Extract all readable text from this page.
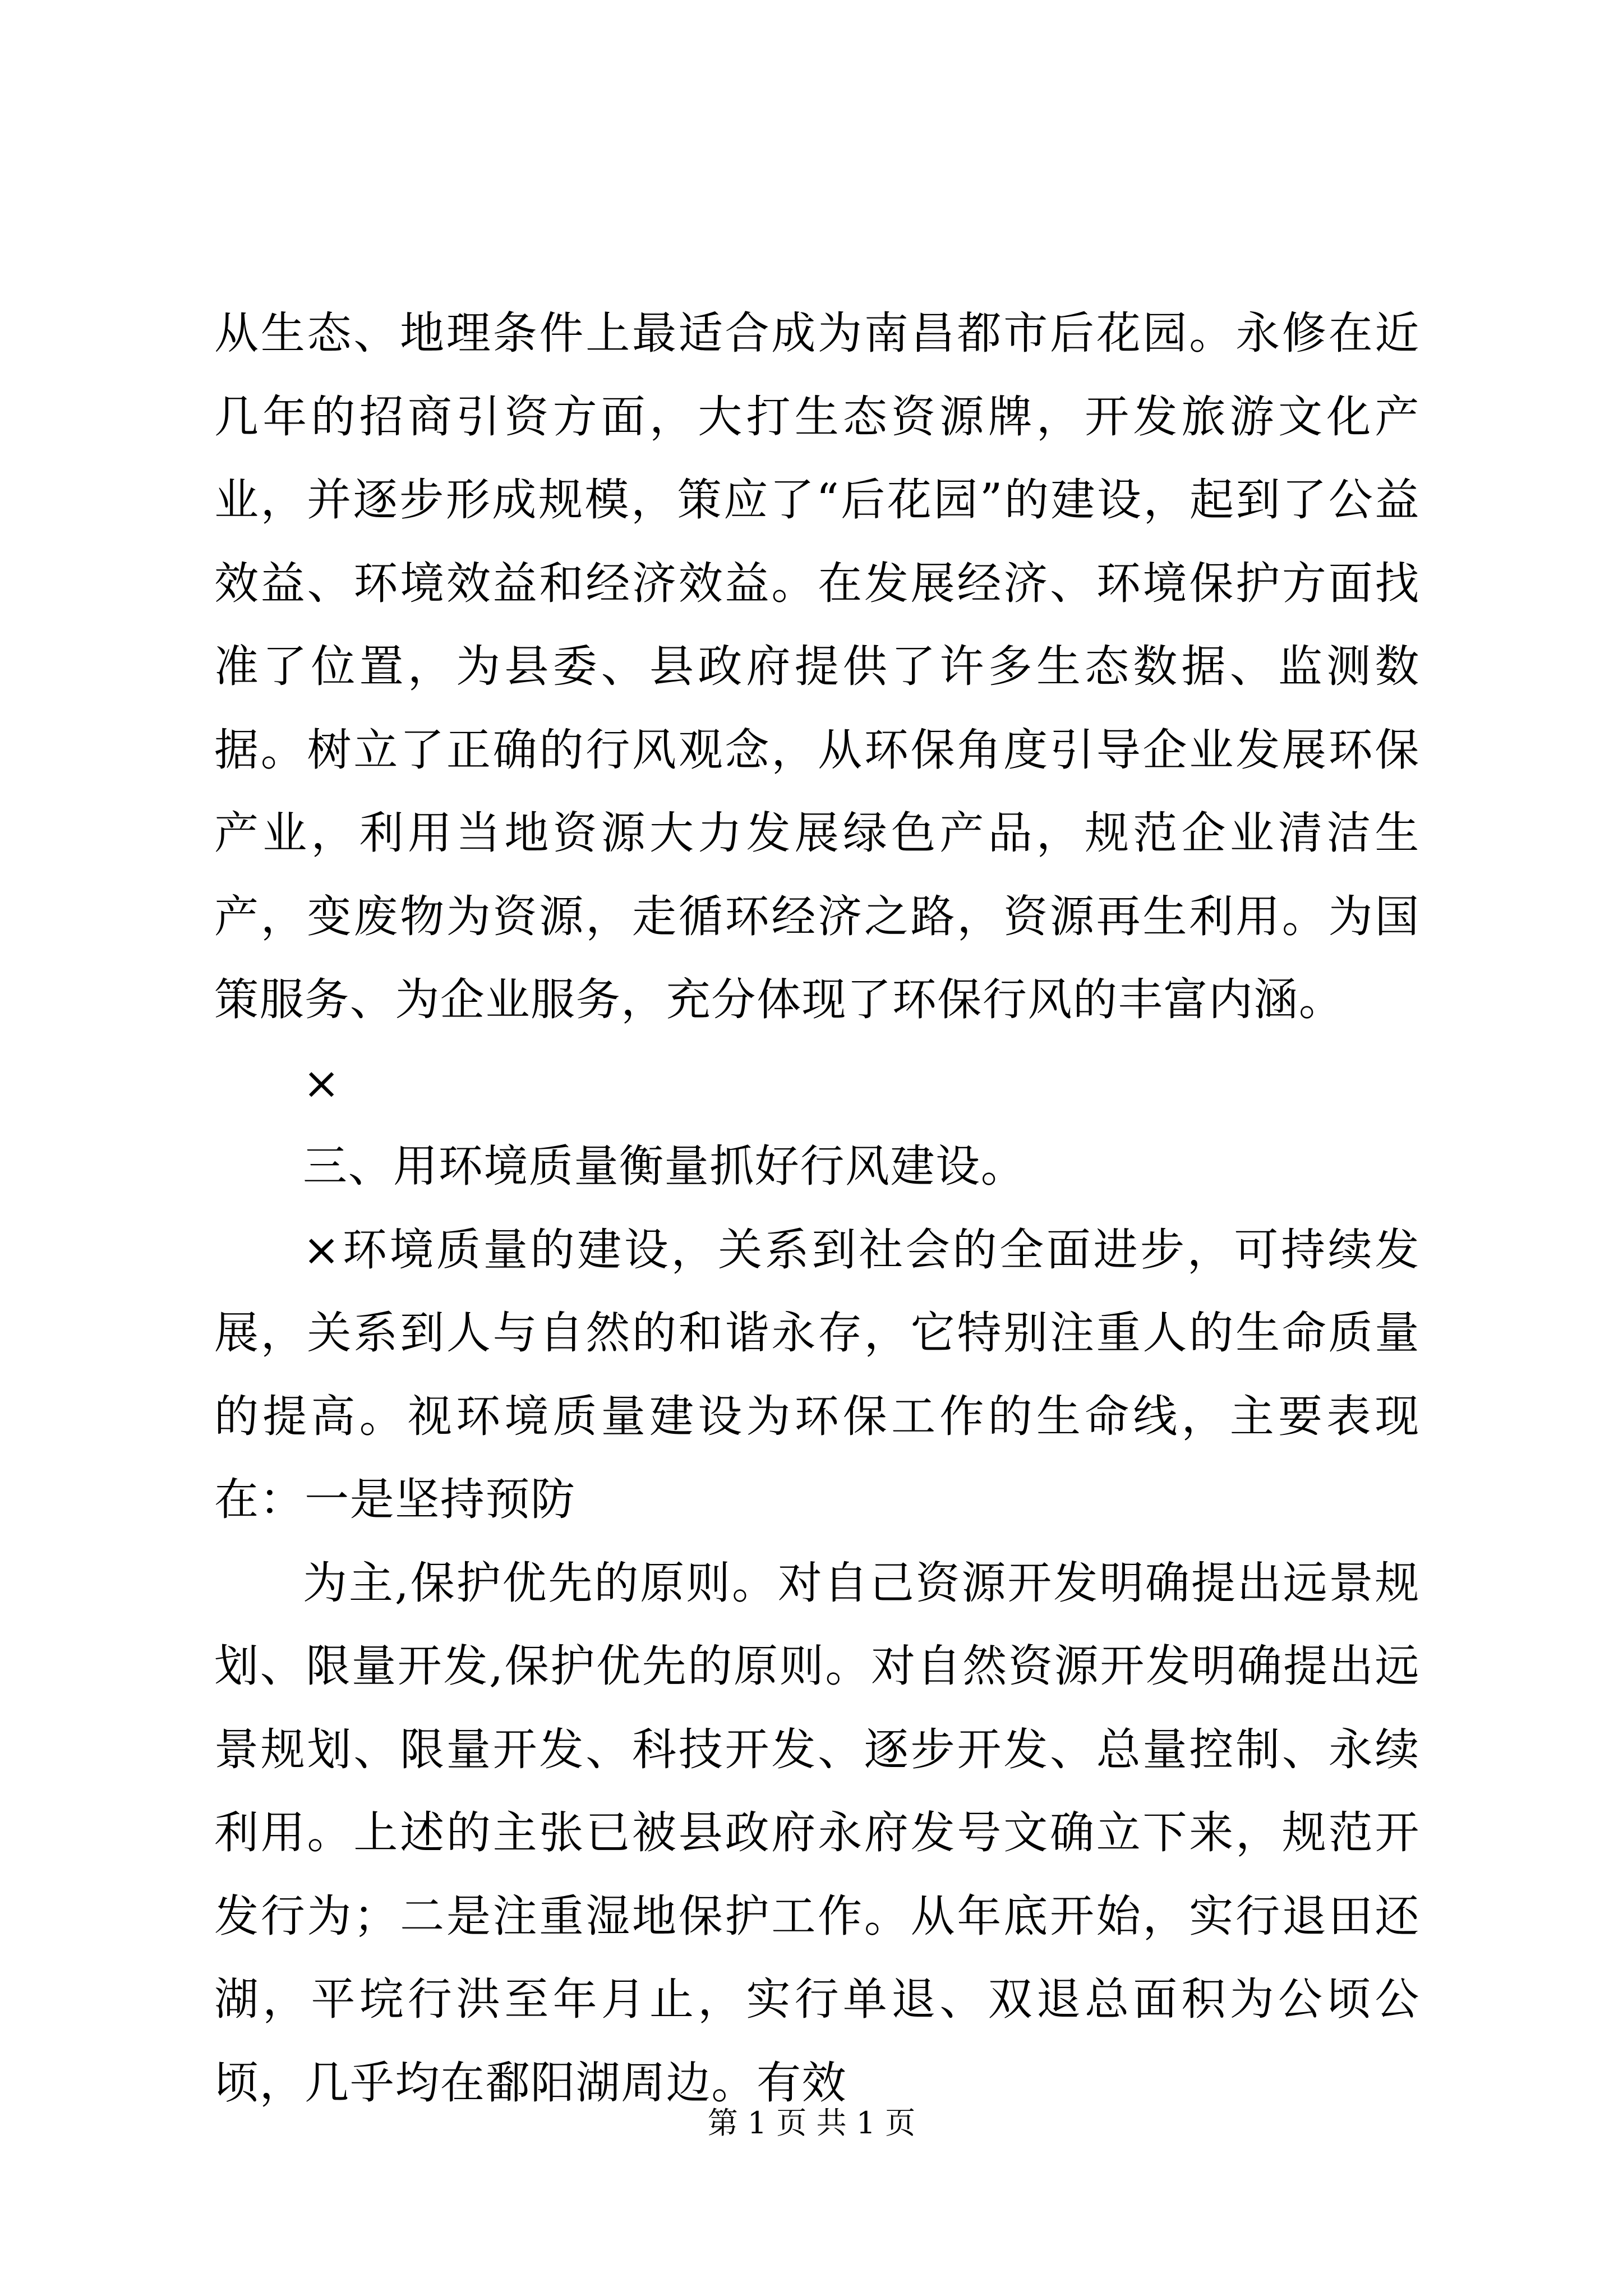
从生态、地理条件上最适合成为南昌都市后花园。永修在近几年的招商引资方面，大打生态资源牌，开发旅游文化产业，并逐步形成规模，策应了“后花园”的建设，起到了公益效益、环境效益和经济效益。在发展经济、环境保护方面找准了位置，为县委、县政府提供了许多生态数据、监测数据。树立了正确的行风观念，从环保角度引导企业发展环保产业，利用当地资源大力发展绿色产品，规范企业清洁生产，变废物为资源，走循环经济之路，资源再生利用。为国策服务、为企业服务，充分体现了环保行风的丰富内涵。

×

三、用环境质量衡量抓好行风建设。

×环境质量的建设，关系到社会的全面进步，可持续发展，关系到人与自然的和谐永存，它特别注重人的生命质量的提高。视环境质量建设为环保工作的生命线，主要表现在：一是坚持预防

为主,保护优先的原则。对自己资源开发明确提出远景规划、限量开发,保护优先的原则。对自然资源开发明确提出远景规划、限量开发、科技开发、逐步开发、总量控制、永续利用。上述的主张已被县政府永府发号文确立下来，规范开发行为；二是注重湿地保护工作。从年底开始，实行退田还湖，平垸行洪至年月止，实行单退、双退总面积为公顷公顷，几乎均在鄱阳湖周边。有效

第 1 页 共 1 页
